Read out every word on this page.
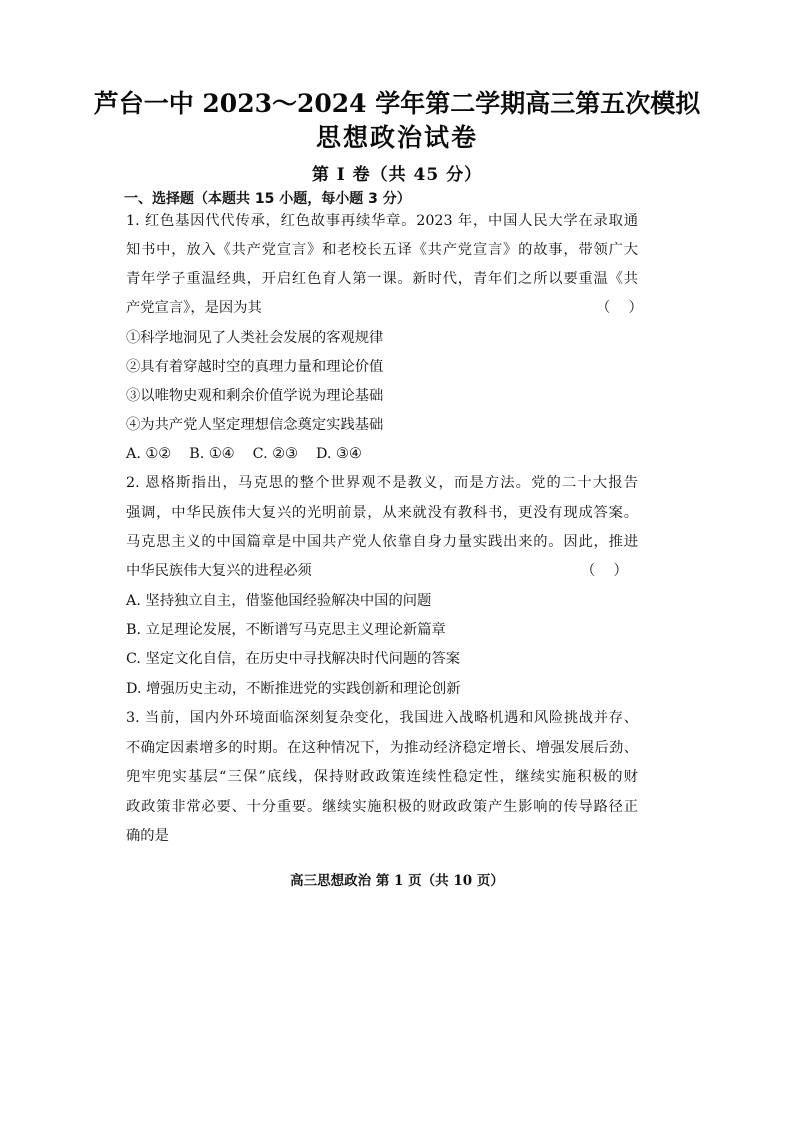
芦台一中 2023～2024 学年第二学期高三第五次模拟
思想政治试卷
第 I 卷（共 45 分）
一、选择题（本题共 15 小题，每小题 3 分）
1. 红色基因代代传承，红色故事再续华章。2023 年，中国人民大学在录取通
知书中，放入《共产党宣言》和老校长五译《共产党宣言》的故事，带领广大
青年学子重温经典，开启红色育人第一课。新时代，青年们之所以要重温《共
产党宣言》，是因为其	（    ）
①科学地洞见了人类社会发展的客观规律
②具有着穿越时空的真理力量和理论价值
③以唯物史观和剩余价值学说为理论基础
④为共产党人坚定理想信念奠定实践基础
A. ①②    B. ①④    C. ②③    D. ③④
2. 恩格斯指出，马克思的整个世界观不是教义，而是方法。党的二十大报告
强调，中华民族伟大复兴的光明前景，从来就没有教科书，更没有现成答案。
马克思主义的中国篇章是中国共产党人依靠自身力量实践出来的。因此，推进
中华民族伟大复兴的进程必须	（    ）
A. 坚持独立自主，借鉴他国经验解决中国的问题
B. 立足理论发展，不断谱写马克思主义理论新篇章
C. 坚定文化自信，在历史中寻找解决时代问题的答案
D. 增强历史主动，不断推进党的实践创新和理论创新
3. 当前，国内外环境面临深刻复杂变化，我国进入战略机遇和风险挑战并存、
不确定因素增多的时期。在这种情况下，为推动经济稳定增长、增强发展后劲、
兜牢兜实基层“三保”底线，保持财政政策连续性稳定性，继续实施积极的财
政政策非常必要、十分重要。继续实施积极的财政政策产生影响的传导路径正
确的是
高三思想政治 第 1 页（共 10 页）
